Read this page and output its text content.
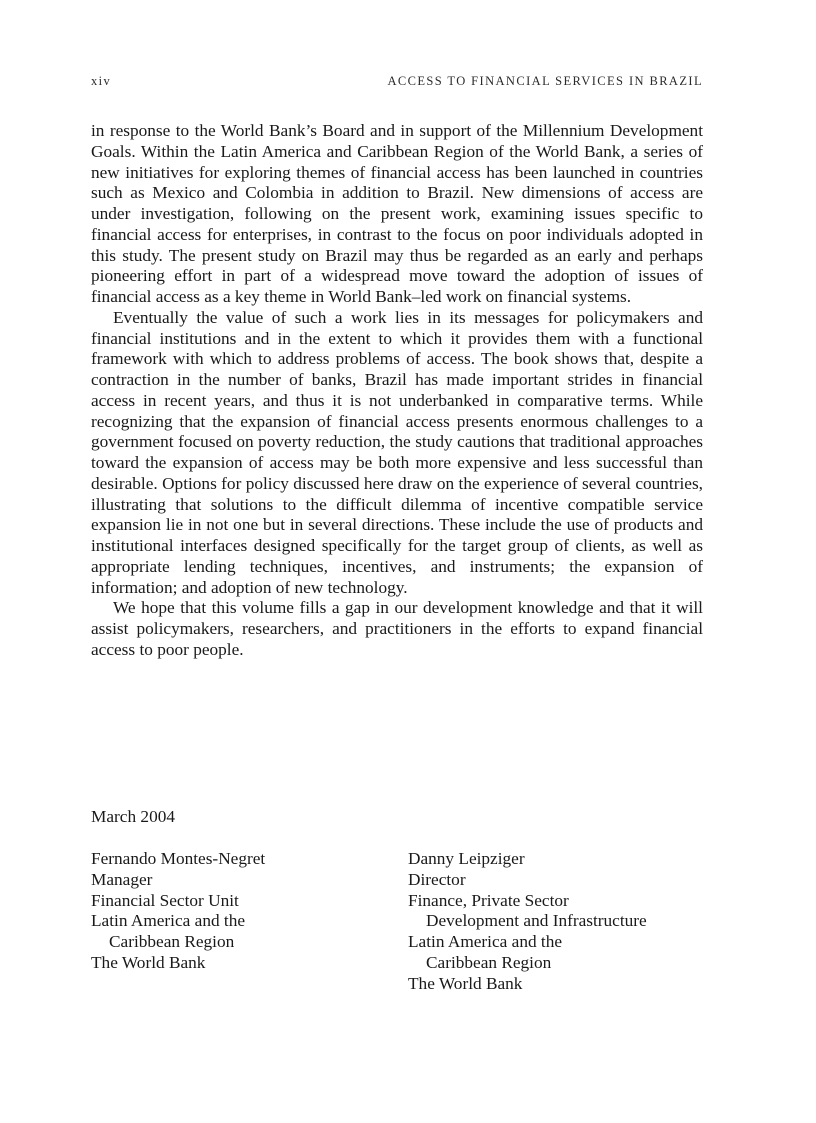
xiv	ACCESS TO FINANCIAL SERVICES IN BRAZIL

in response to the World Bank’s Board and in support of the Millennium Development Goals. Within the Latin America and Caribbean Region of the World Bank, a series of new initiatives for exploring themes of financial access has been launched in countries such as Mexico and Colombia in addition to Brazil. New dimensions of access are under investigation, following on the present work, examining issues specific to financial access for enterprises, in contrast to the focus on poor individuals adopted in this study. The present study on Brazil may thus be regarded as an early and perhaps pioneering effort in part of a widespread move toward the adoption of issues of financial access as a key theme in World Bank–led work on financial systems.

Eventually the value of such a work lies in its messages for policymakers and financial institutions and in the extent to which it provides them with a functional framework with which to address problems of access. The book shows that, despite a contraction in the number of banks, Brazil has made important strides in financial access in recent years, and thus it is not underbanked in comparative terms. While recognizing that the expansion of financial access presents enormous challenges to a government focused on poverty reduction, the study cautions that traditional approaches toward the expansion of access may be both more expensive and less successful than desirable. Options for policy discussed here draw on the experience of several countries, illustrating that solutions to the difficult dilemma of incentive compatible service expansion lie in not one but in several directions. These include the use of products and institutional interfaces designed specifically for the target group of clients, as well as appropriate lending techniques, incentives, and instruments; the expansion of information; and adoption of new technology.

We hope that this volume fills a gap in our development knowledge and that it will assist policymakers, researchers, and practitioners in the efforts to expand financial access to poor people.

March 2004
Fernando Montes-Negret
Manager
Financial Sector Unit
Latin America and the
Caribbean Region
The World Bank
Danny Leipziger
Director
Finance, Private Sector
Development and Infrastructure
Latin America and the
Caribbean Region
The World Bank
